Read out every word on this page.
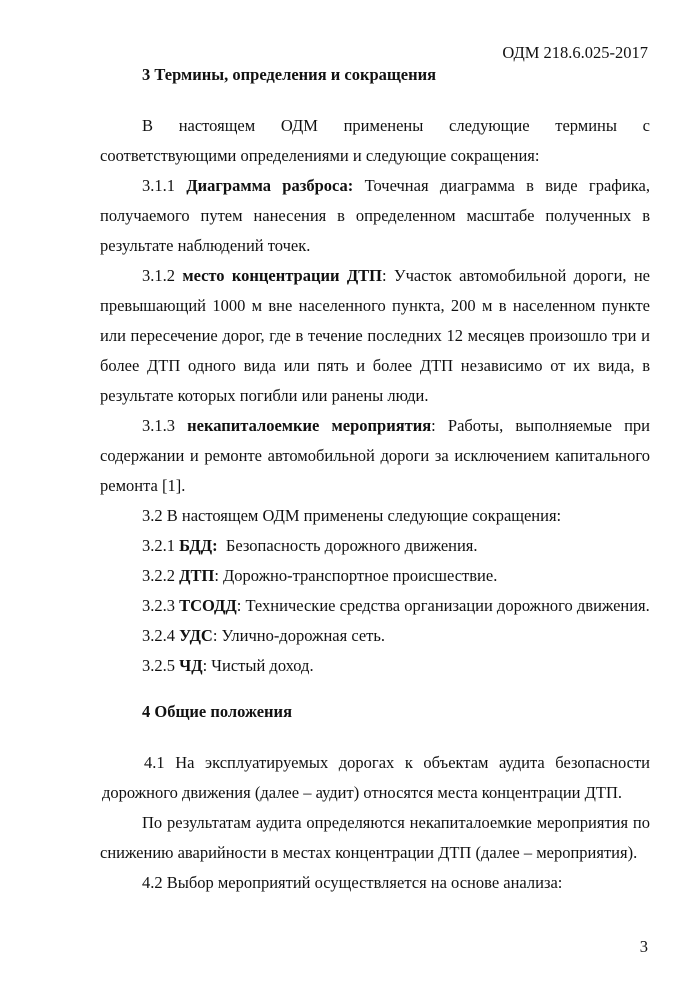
ОДМ 218.6.025-2017

3 Термины, определения и сокращения

В настоящем ОДМ применены следующие термины с соответствующими определениями и следующие сокращения:

3.1.1 Диаграмма разброса: Точечная диаграмма в виде графика, получаемого путем нанесения в определенном масштабе полученных в результате наблюдений точек.

3.1.2 место концентрации ДТП: Участок автомобильной дороги, не превышающий 1000 м вне населенного пункта, 200 м в населенном пункте или пересечение дорог, где в течение последних 12 месяцев произошло три и более ДТП одного вида или пять и более ДТП независимо от их вида, в результате которых погибли или ранены люди.

3.1.3 некапиталоемкие мероприятия: Работы, выполняемые при содержании и ремонте автомобильной дороги за исключением капитального ремонта [1].

3.2 В настоящем ОДМ применены следующие сокращения:

3.2.1 БДД: Безопасность дорожного движения.

3.2.2 ДТП: Дорожно-транспортное происшествие.

3.2.3 ТСОДД: Технические средства организации дорожного движения.

3.2.4 УДС: Улично-дорожная сеть.

3.2.5 ЧД: Чистый доход.

4 Общие положения

4.1 На эксплуатируемых дорогах к объектам аудита безопасности дорожного движения (далее – аудит) относятся места концентрации ДТП.

По результатам аудита определяются некапиталоемкие мероприятия по снижению аварийности в местах концентрации ДТП (далее – мероприятия).

4.2 Выбор мероприятий осуществляется на основе анализа:

3
